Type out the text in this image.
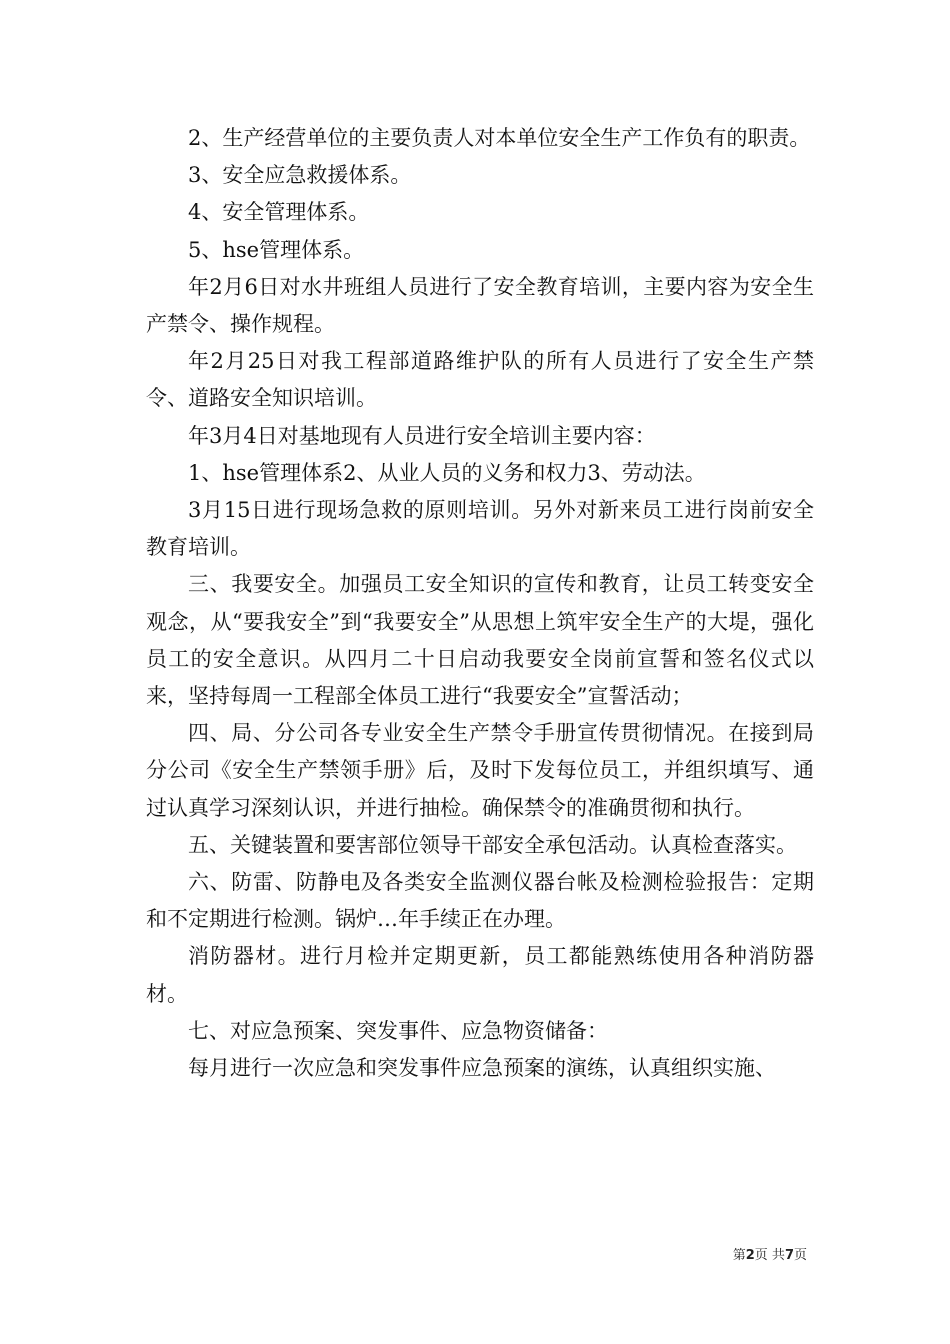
2、生产经营单位的主要负责人对本单位安全生产工作负有的职责。

3、安全应急救援体系。

4、安全管理体系。

5、hse管理体系。

年2月6日对水井班组人员进行了安全教育培训，主要内容为安全生产禁令、操作规程。

年2月25日对我工程部道路维护队的所有人员进行了安全生产禁令、道路安全知识培训。

年3月4日对基地现有人员进行安全培训主要内容：

1、hse管理体系2、从业人员的义务和权力3、劳动法。

3月15日进行现场急救的原则培训。另外对新来员工进行岗前安全教育培训。

三、我要安全。加强员工安全知识的宣传和教育，让员工转变安全观念，从“要我安全”到“我要安全”从思想上筑牢安全生产的大堤，强化员工的安全意识。从四月二十日启动我要安全岗前宣誓和签名仪式以来，坚持每周一工程部全体员工进行“我要安全”宣誓活动；

四、局、分公司各专业安全生产禁令手册宣传贯彻情况。在接到局分公司《安全生产禁领手册》后，及时下发每位员工，并组织填写、通过认真学习深刻认识，并进行抽检。确保禁令的准确贯彻和执行。

五、关键装置和要害部位领导干部安全承包活动。认真检查落实。

六、防雷、防静电及各类安全监测仪器台帐及检测检验报告：定期和不定期进行检测。锅炉…年手续正在办理。

消防器材。进行月检并定期更新，员工都能熟练使用各种消防器材。

七、对应急预案、突发事件、应急物资储备：

每月进行一次应急和突发事件应急预案的演练，认真组织实施、

第2页 共7页
